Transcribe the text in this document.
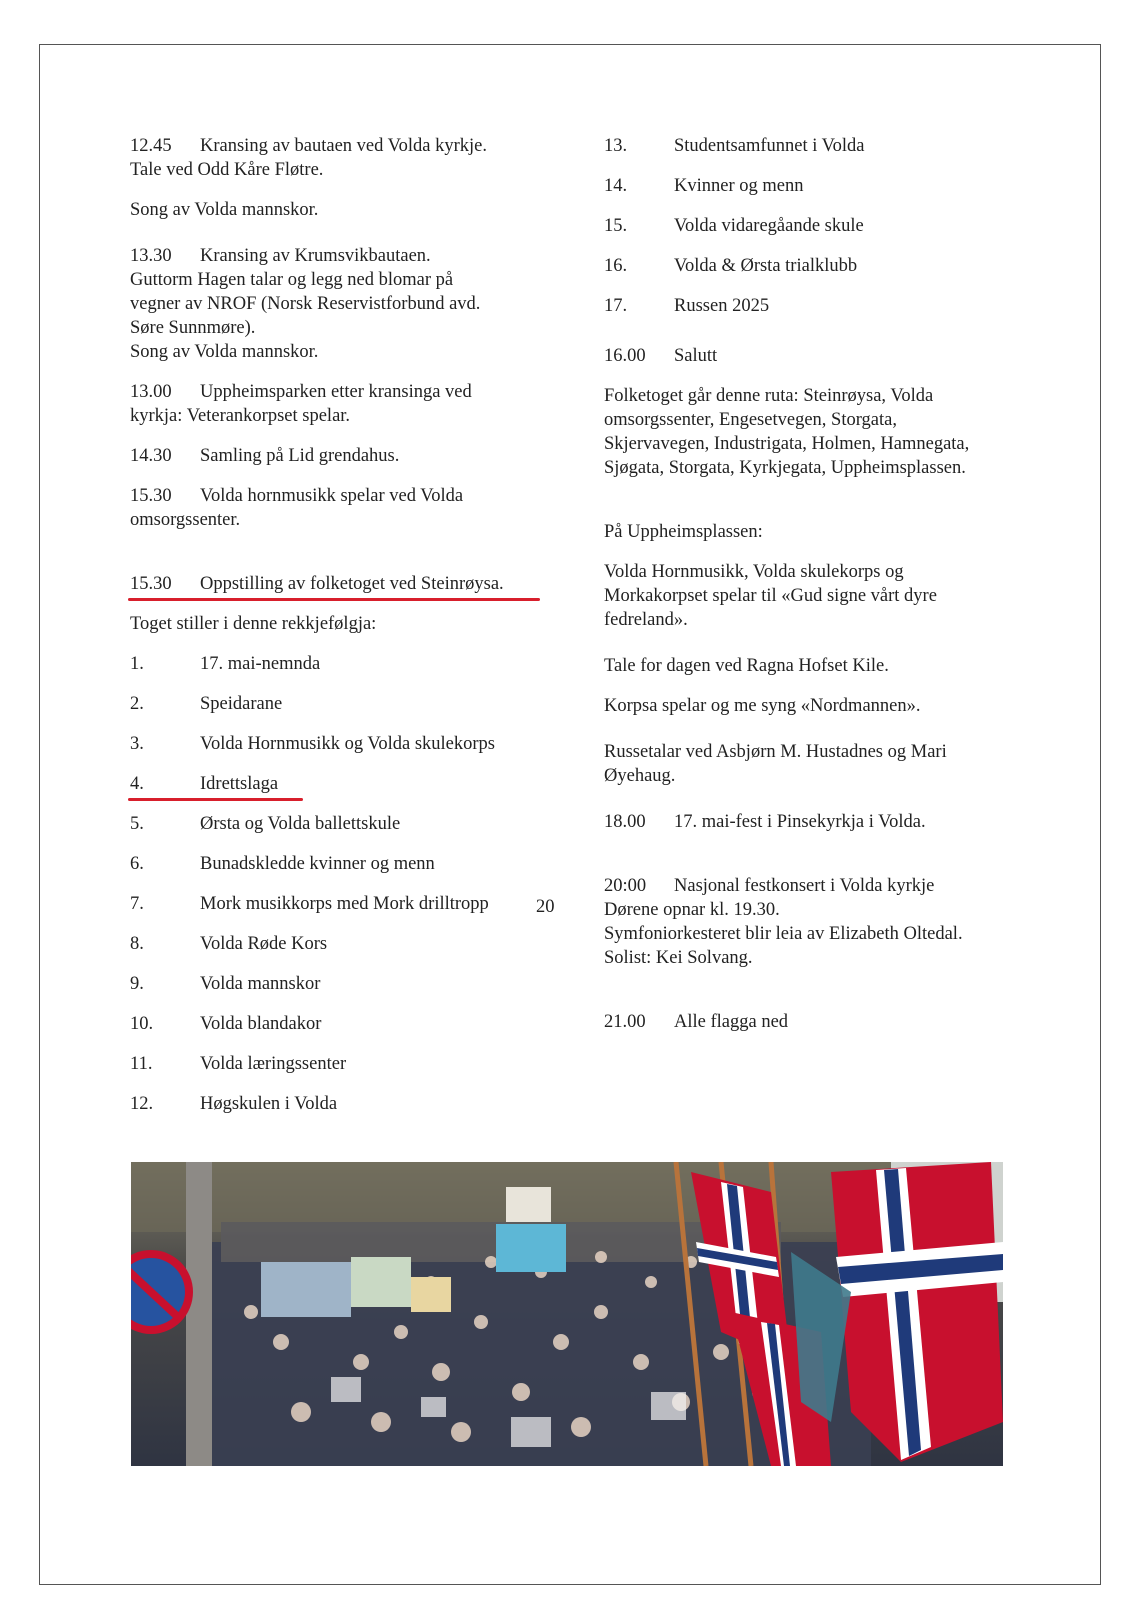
12.45 Kransing av bautaen ved Volda kyrkje.
Tale ved Odd Kåre Fløtre.

Song av Volda mannskor.

13.30 Kransing av Krumsvikbautaen.
Guttorm Hagen talar og legg ned blomar på
vegner av NROF (Norsk Reservistforbund avd.
Søre Sunnmøre).
Song av Volda mannskor.

13.00 Uppheimsparken etter kransinga ved
kyrkja: Veterankorpset spelar.

14.30 Samling på Lid grendahus.

15.30 Volda hornmusikk spelar ved Volda
omsorgssenter.

15.30 Oppstilling av folketoget ved Steinrøysa.

Toget stiller i denne rekkjefølgja:

1.	17. mai-nemnda

2.	Speidarane

3.	Volda Hornmusikk og Volda skulekorps

4.	Idrettslaga

5.	Ørsta og Volda ballettskule

6.	Bunadskledde kvinner og menn

7.	Mork musikkorps med Mork drilltropp

8.	Volda Røde Kors

9.	Volda mannskor

10.	Volda blandakor

11.	Volda læringssenter

12.	Høgskulen i Volda

20

13.	Studentsamfunnet i Volda

14.	Kvinner og menn

15.	Volda vidaregåande skule

16.	Volda & Ørsta trialklubb

17.	Russen 2025

16.00 Salutt

Folketoget går denne ruta: Steinrøysa, Volda
omsorgssenter, Engesetvegen, Storgata,
Skjervavegen, Industrigata, Holmen, Hamnegata,
Sjøgata, Storgata, Kyrkjegata, Uppheimsplassen.

På Uppheimsplassen:

Volda Hornmusikk, Volda skulekorps og
Morkakorpset spelar til «Gud signe vårt dyre
fedreland».

Tale for dagen ved Ragna Hofset Kile.

Korpsa spelar og me syng «Nordmannen».

Russetalar ved Asbjørn M. Hustadnes og Mari
Øyehaug.

18.00 17. mai-fest i Pinsekyrkja i Volda.

20:00 Nasjonal festkonsert i Volda kyrkje
Dørene opnar kl. 19.30.
Symfoniorkesteret blir leia av Elizabeth Oltedal.
Solist: Kei Solvang.

21.00 Alle flagga ned
